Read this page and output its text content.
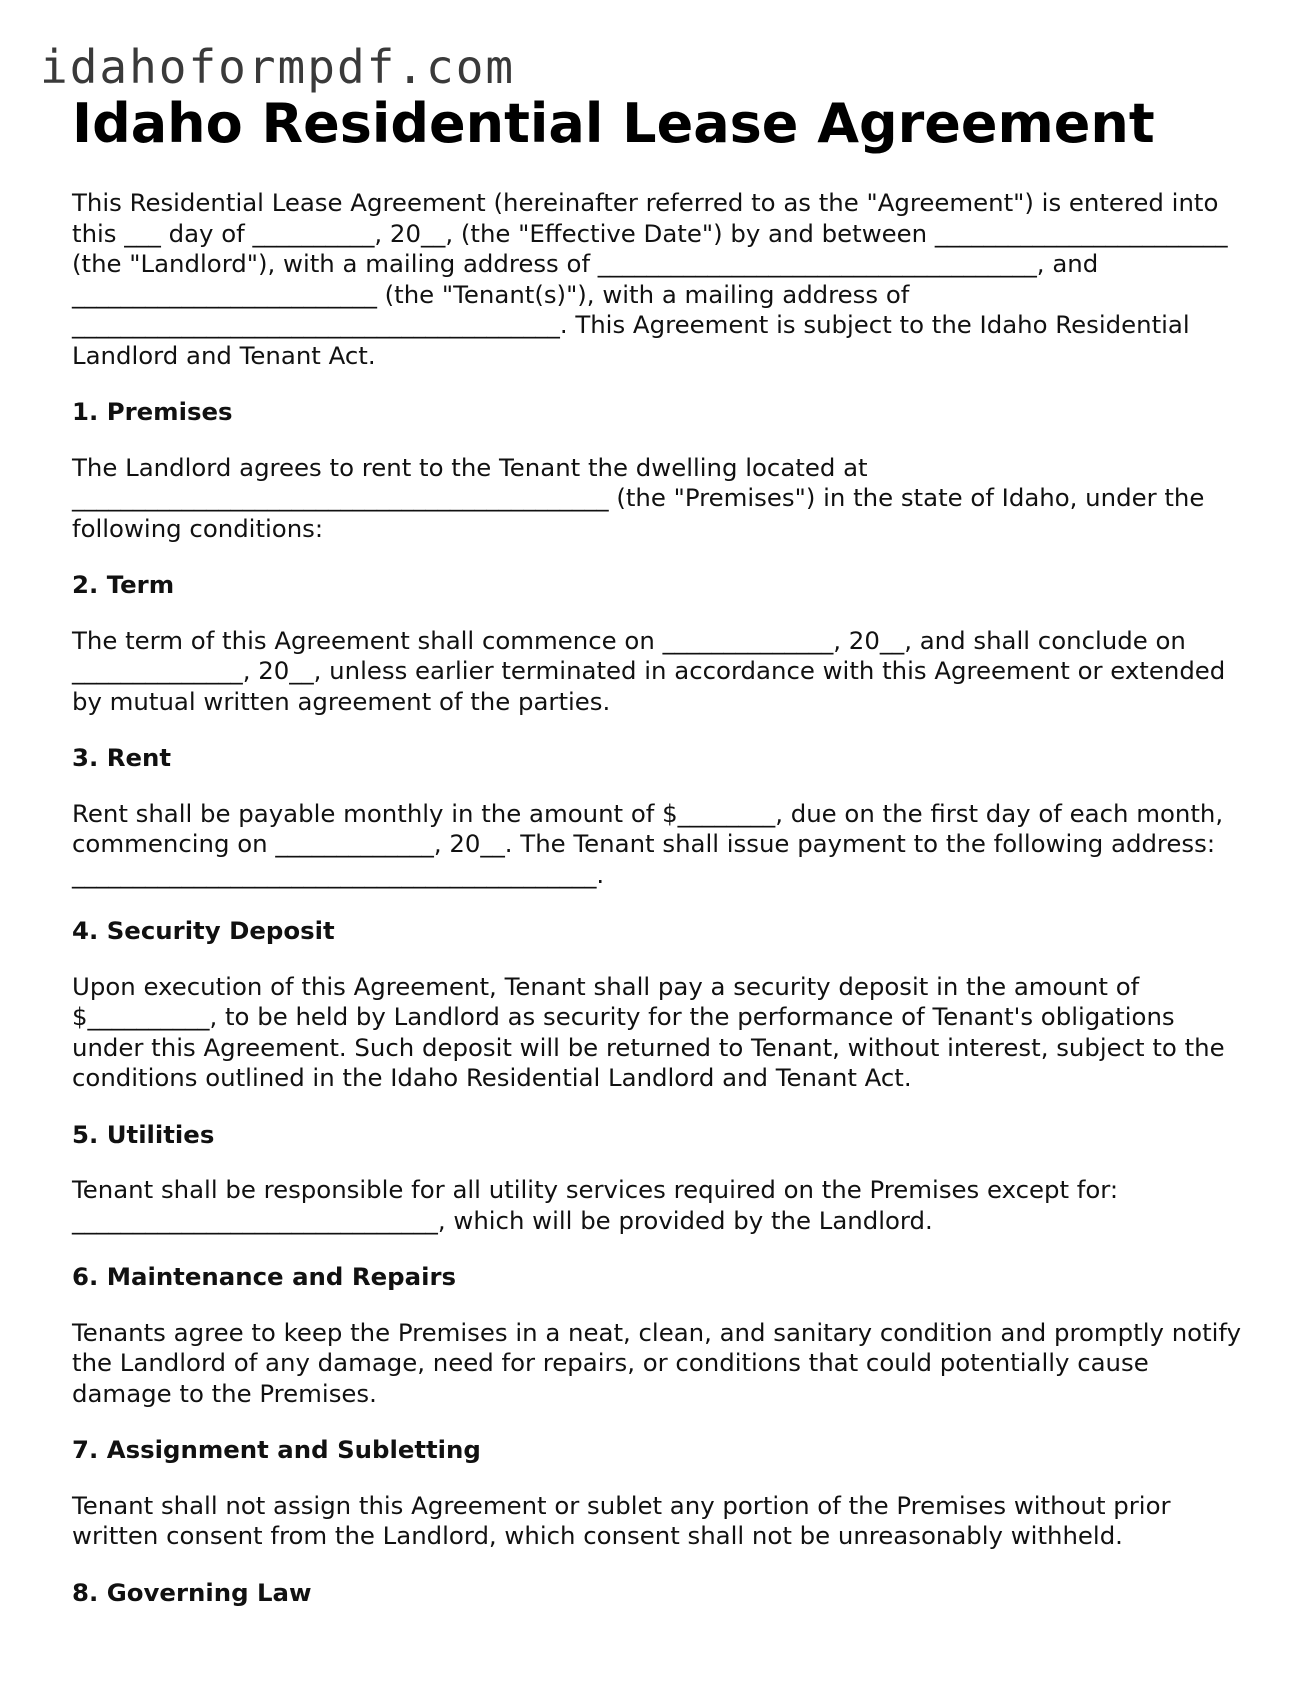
idahoformpdf.com
Idaho Residential Lease Agreement

This Residential Lease Agreement (hereinafter referred to as the "Agreement") is entered into this ___ day of __________, 20__, (the "Effective Date") by and between ________________________ (the "Landlord"), with a mailing address of ____________________________________, and _________________________ (the "Tenant(s)"), with a mailing address of ________________________________________. This Agreement is subject to the Idaho Residential Landlord and Tenant Act.

1. Premises

The Landlord agrees to rent to the Tenant the dwelling located at ____________________________________________ (the "Premises") in the state of Idaho, under the following conditions:

2. Term

The term of this Agreement shall commence on ______________, 20__, and shall conclude on ______________, 20__, unless earlier terminated in accordance with this Agreement or extended by mutual written agreement of the parties.

3. Rent

Rent shall be payable monthly in the amount of $________, due on the first day of each month, commencing on _____________, 20__. The Tenant shall issue payment to the following address: ___________________________________________.

4. Security Deposit

Upon execution of this Agreement, Tenant shall pay a security deposit in the amount of $__________, to be held by Landlord as security for the performance of Tenant's obligations under this Agreement. Such deposit will be returned to Tenant, without interest, subject to the conditions outlined in the Idaho Residential Landlord and Tenant Act.

5. Utilities

Tenant shall be responsible for all utility services required on the Premises except for: ______________________________, which will be provided by the Landlord.

6. Maintenance and Repairs

Tenants agree to keep the Premises in a neat, clean, and sanitary condition and promptly notify the Landlord of any damage, need for repairs, or conditions that could potentially cause damage to the Premises.

7. Assignment and Subletting

Tenant shall not assign this Agreement or sublet any portion of the Premises without prior written consent from the Landlord, which consent shall not be unreasonably withheld.

8. Governing Law
